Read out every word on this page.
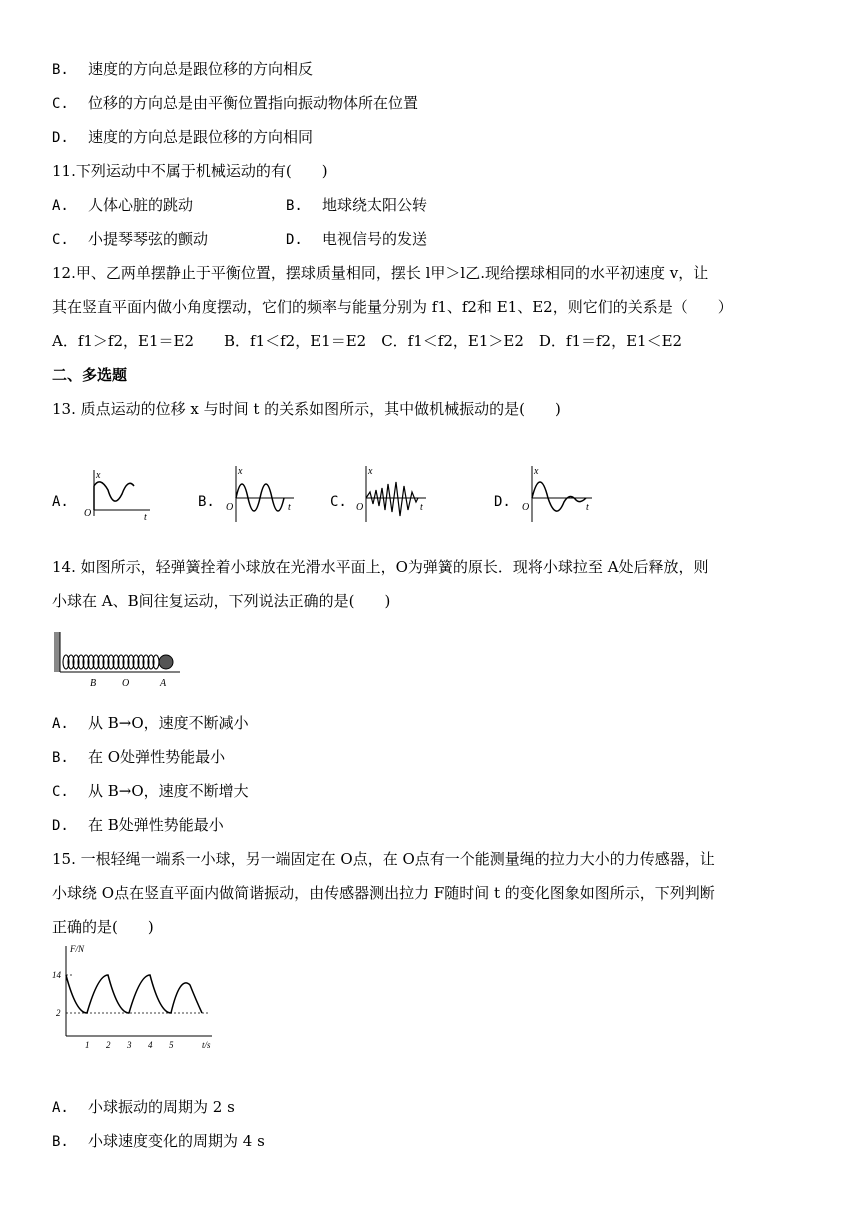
B. 速度的方向总是跟位移的方向相反
C. 位移的方向总是由平衡位置指向振动物体所在位置
D. 速度的方向总是跟位移的方向相同
11.下列运动中不属于机械运动的有(　　)
A. 人体心脏的跳动	B. 地球绕太阳公转
C. 小提琴琴弦的颤动	D. 电视信号的发送
12.甲、乙两单摆静止于平衡位置，摆球质量相同，摆长 l甲＞l乙.现给摆球相同的水平初速度 v，让
其在竖直平面内做小角度摆动，它们的频率与能量分别为 f1、f2和 E1、E2，则它们的关系是（　　）
A．f1＞f2，E1＝E2　　B．f1＜f2，E1＝E2　C．f1＜f2，E1＞E2　D．f1＝f2，E1＜E2
二、多选题
13. 质点运动的位移 x 与时间 t 的关系如图所示，其中做机械振动的是(　　)
A.
x
t
O
B.
x
t
O	C.
x
t
O	D.
x
t
O
14. 如图所示，轻弹簧拴着小球放在光滑水平面上，O为弹簧的原长．现将小球拉至 A处后释放，则
小球在 A、B间往复运动，下列说法正确的是(　　)
B	O	A
A. 从 B→O，速度不断减小
B. 在 O处弹性势能最小
C. 从 B→O，速度不断增大
D. 在 B处弹性势能最小
15. 一根轻绳一端系一小球，另一端固定在 O点，在 O点有一个能测量绳的拉力大小的力传感器，让
小球绕 O点在竖直平面内做简谐振动，由传感器测出拉力 F随时间 t 的变化图象如图所示，下列判断
正确的是(　　)
F/N
t/s
14
2
1 2 3 4 5
A. 小球振动的周期为 2 s
B. 小球速度变化的周期为 4 s
